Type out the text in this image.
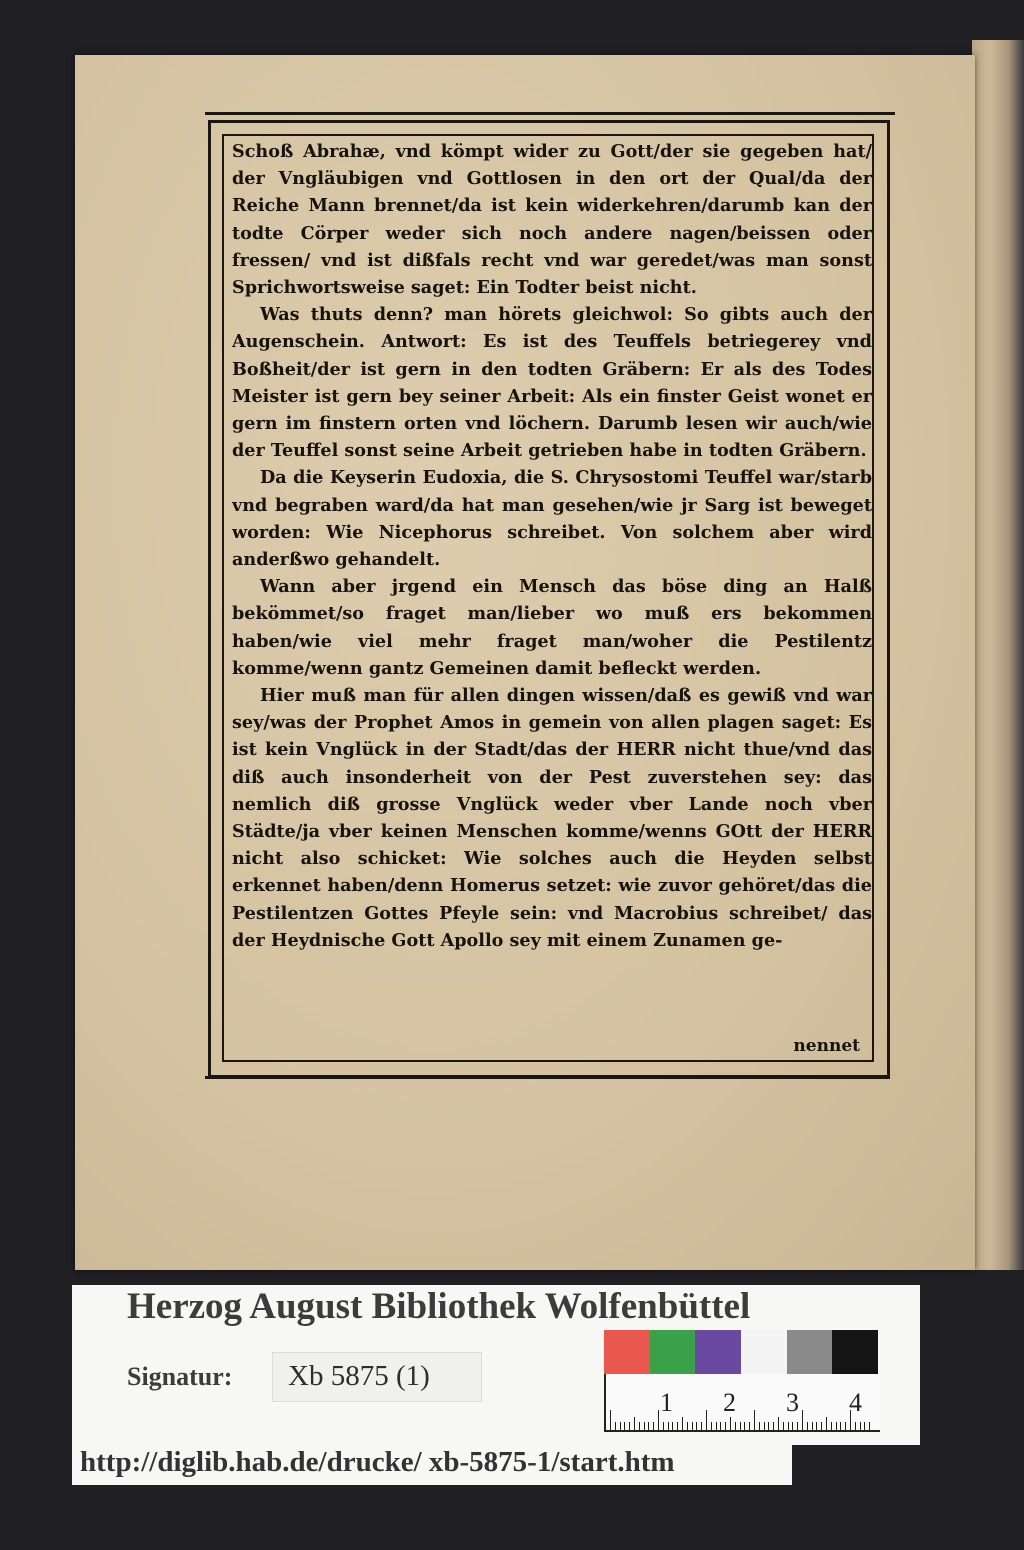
Schoß Abrahæ, vnd kömpt wider zu Gott/der sie gegeben hat/ der Vngläubigen vnd Gottlosen in den ort der Qual/da der Reiche Mann brennet/da ist kein widerkehren/darumb kan der todte Cörper weder sich noch andere nagen/beissen oder fressen/ vnd ist dißfals recht vnd war geredet/was man sonst Sprichwortsweise saget: Ein Todter beist nicht.

Was thuts denn? man hörets gleichwol: So gibts auch der Augenschein. Antwort: Es ist des Teuffels betriegerey vnd Boßheit/der ist gern in den todten Gräbern: Er als des Todes Meister ist gern bey seiner Arbeit: Als ein finster Geist wonet er gern im finstern orten vnd löchern. Darumb lesen wir auch/wie der Teuffel sonst seine Arbeit getrieben habe in todten Gräbern.

Da die Keyserin Eudoxia, die S. Chrysostomi Teuffel war/starb vnd begraben ward/da hat man gesehen/wie jr Sarg ist beweget worden: Wie Nicephorus schreibet. Von solchem aber wird anderßwo gehandelt.

Wann aber jrgend ein Mensch das böse ding an Halß bekömmet/so fraget man/lieber wo muß ers bekommen haben/wie viel mehr fraget man/woher die Pestilentz komme/wenn gantz Gemeinen damit befleckt werden.

Hier muß man für allen dingen wissen/daß es gewiß vnd war sey/was der Prophet Amos in gemein von allen plagen saget: Es ist kein Vnglück in der Stadt/das der HERR nicht thue/vnd das diß auch insonderheit von der Pest zuverstehen sey: das nemlich diß grosse Vnglück weder vber Lande noch vber Städte/ja vber keinen Menschen komme/wenns GOtt der HERR nicht also schicket: Wie solches auch die Heyden selbst erkennet haben/denn Homerus setzet: wie zuvor gehöret/das die Pestilentzen Gottes Pfeyle sein: vnd Macrobius schreibet/ das der Heydnische Gott Apollo sey mit einem Zunamen ge-

nennet
Herzog August Bibliothek Wolfenbüttel
Signatur: Xb 5875 (1)
1 2 3 4
http://diglib.hab.de/drucke/ xb-5875-1/start.htm
